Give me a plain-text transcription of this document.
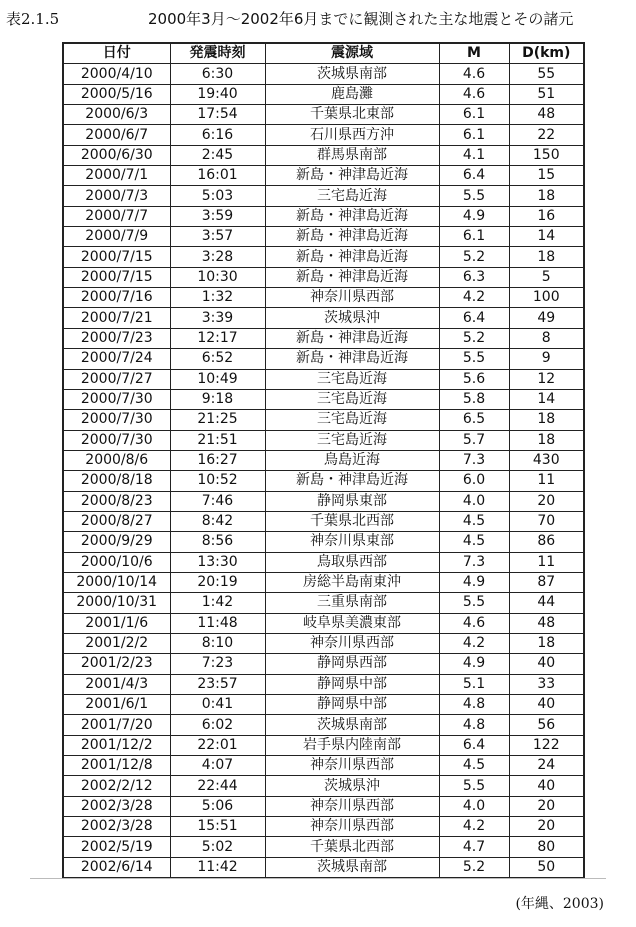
表2.1.5	2000年3月～2002年6月までに観測された主な地震とその諸元
日付	発震時刻	震源域	M	D(km)
2000/4/10	6:30	茨城県南部	4.6	55
2000/5/16	19:40	鹿島灘	4.6	51
2000/6/3	17:54	千葉県北東部	6.1	48
2000/6/7	6:16	石川県西方沖	6.1	22
2000/6/30	2:45	群馬県南部	4.1	150
2000/7/1	16:01	新島・神津島近海	6.4	15
2000/7/3	5:03	三宅島近海	5.5	18
2000/7/7	3:59	新島・神津島近海	4.9	16
2000/7/9	3:57	新島・神津島近海	6.1	14
2000/7/15	3:28	新島・神津島近海	5.2	18
2000/7/15	10:30	新島・神津島近海	6.3	5
2000/7/16	1:32	神奈川県西部	4.2	100
2000/7/21	3:39	茨城県沖	6.4	49
2000/7/23	12:17	新島・神津島近海	5.2	8
2000/7/24	6:52	新島・神津島近海	5.5	9
2000/7/27	10:49	三宅島近海	5.6	12
2000/7/30	9:18	三宅島近海	5.8	14
2000/7/30	21:25	三宅島近海	6.5	18
2000/7/30	21:51	三宅島近海	5.7	18
2000/8/6	16:27	鳥島近海	7.3	430
2000/8/18	10:52	新島・神津島近海	6.0	11
2000/8/23	7:46	静岡県東部	4.0	20
2000/8/27	8:42	千葉県北西部	4.5	70
2000/9/29	8:56	神奈川県東部	4.5	86
2000/10/6	13:30	鳥取県西部	7.3	11
2000/10/14	20:19	房総半島南東沖	4.9	87
2000/10/31	1:42	三重県南部	5.5	44
2001/1/6	11:48	岐阜県美濃東部	4.6	48
2001/2/2	8:10	神奈川県西部	4.2	18
2001/2/23	7:23	静岡県西部	4.9	40
2001/4/3	23:57	静岡県中部	5.1	33
2001/6/1	0:41	静岡県中部	4.8	40
2001/7/20	6:02	茨城県南部	4.8	56
2001/12/2	22:01	岩手県内陸南部	6.4	122
2001/12/8	4:07	神奈川県西部	4.5	24
2002/2/12	22:44	茨城県沖	5.5	40
2002/3/28	5:06	神奈川県西部	4.0	20
2002/3/28	15:51	神奈川県西部	4.2	20
2002/5/19	5:02	千葉県北西部	4.7	80
2002/6/14	11:42	茨城県南部	5.2	50
(年縄、2003)
